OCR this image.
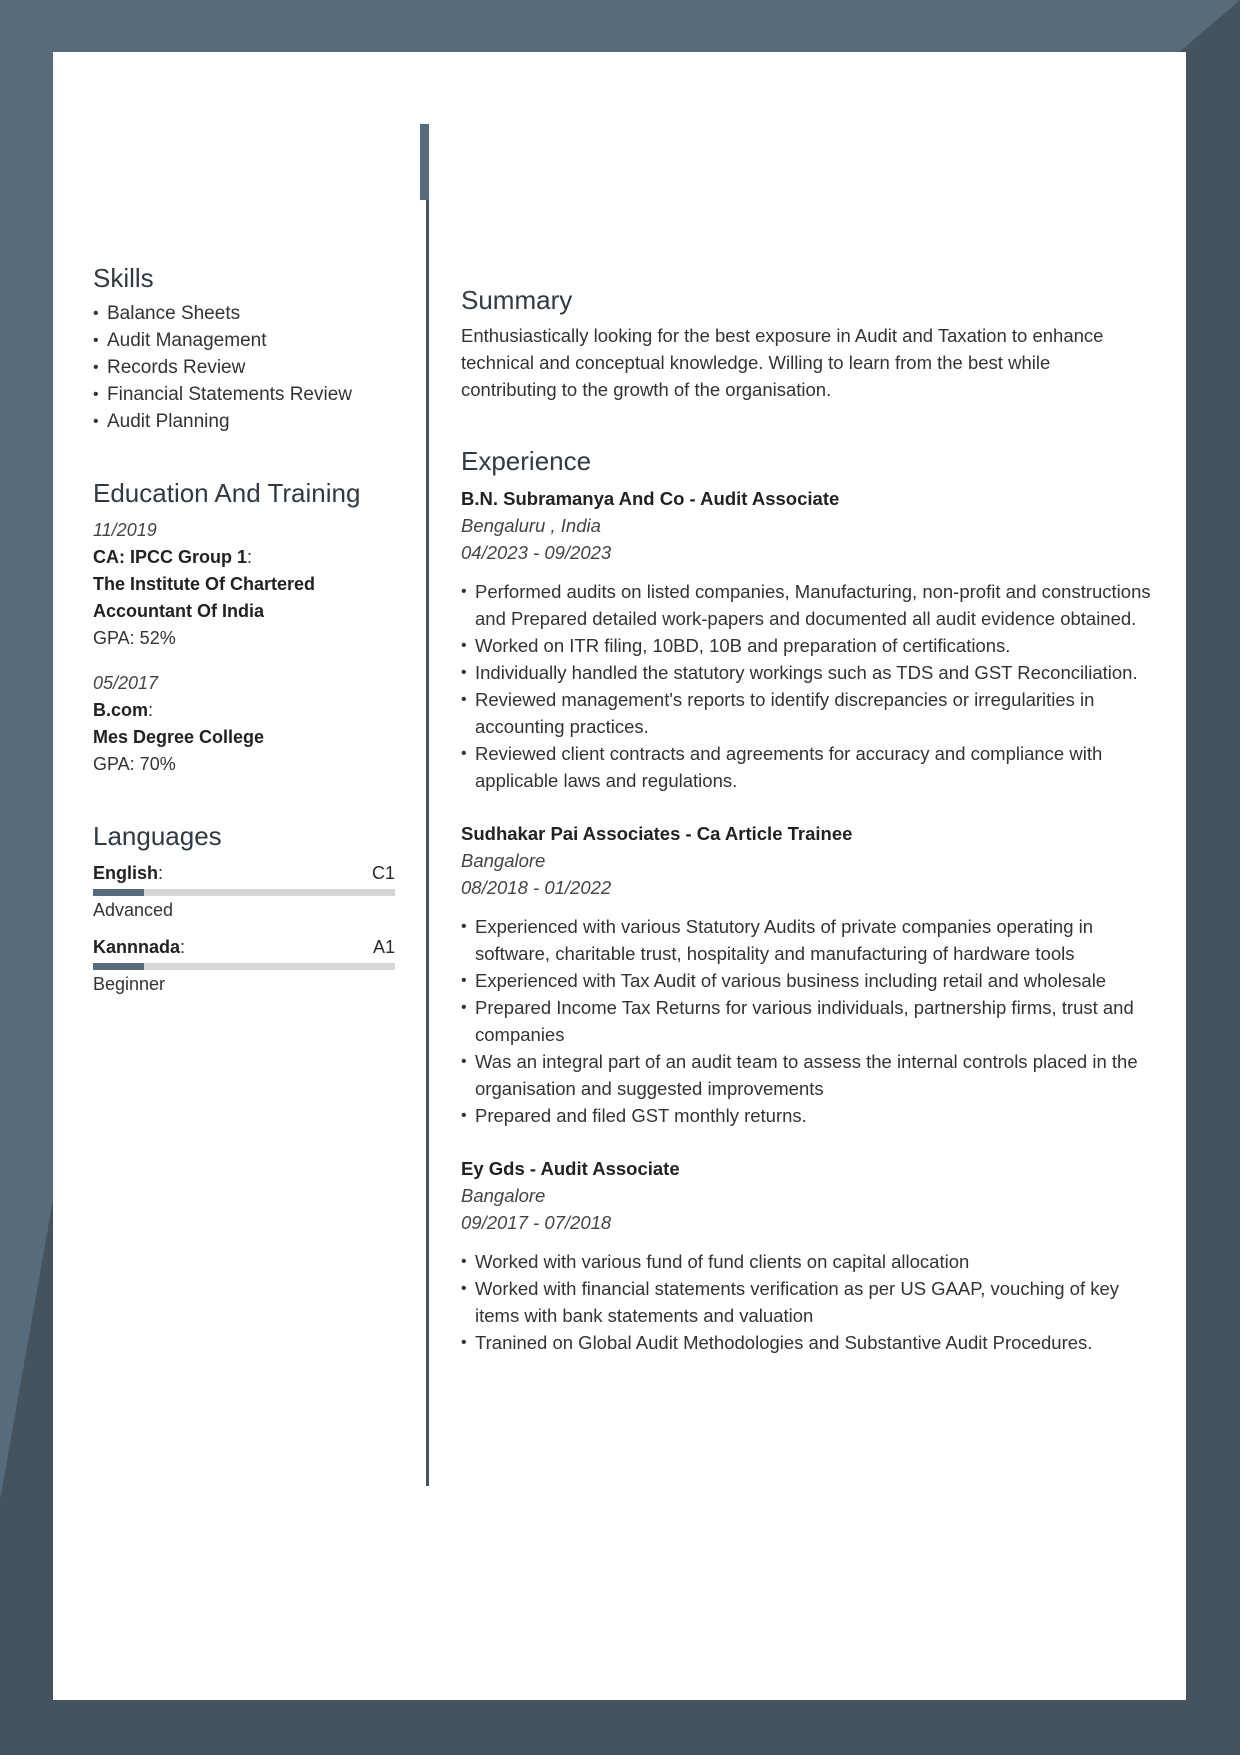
Skills
• Balance Sheets
• Audit Management
• Records Review
• Financial Statements Review
• Audit Planning
Education And Training
11/2019
CA: IPCC Group 1:
The Institute Of Chartered Accountant Of India
GPA: 52%
05/2017
B.com:
Mes Degree College
GPA: 70%
Languages
English:	C1
Advanced
Kannnada:	A1
Beginner
Summary
Enthusiastically looking for the best exposure in Audit and Taxation to enhance technical and conceptual knowledge. Willing to learn from the best while contributing to the growth of the organisation.
Experience
B.N. Subramanya And Co - Audit Associate
Bengaluru , India
04/2023 - 09/2023
• Performed audits on listed companies, Manufacturing, non-profit and constructions and Prepared detailed work-papers and documented all audit evidence obtained.
• Worked on ITR filing, 10BD, 10B and preparation of certifications.
• Individually handled the statutory workings such as TDS and GST Reconciliation.
• Reviewed management's reports to identify discrepancies or irregularities in accounting practices.
• Reviewed client contracts and agreements for accuracy and compliance with applicable laws and regulations.
Sudhakar Pai Associates - Ca Article Trainee
Bangalore
08/2018 - 01/2022
• Experienced with various Statutory Audits of private companies operating in software, charitable trust, hospitality and manufacturing of hardware tools
• Experienced with Tax Audit of various business including retail and wholesale
• Prepared Income Tax Returns for various individuals, partnership firms, trust and companies
• Was an integral part of an audit team to assess the internal controls placed in the organisation and suggested improvements
• Prepared and filed GST monthly returns.
Ey Gds - Audit Associate
Bangalore
09/2017 - 07/2018
• Worked with various fund of fund clients on capital allocation
• Worked with financial statements verification as per US GAAP, vouching of key items with bank statements and valuation
• Tranined on Global Audit Methodologies and Substantive Audit Procedures.
